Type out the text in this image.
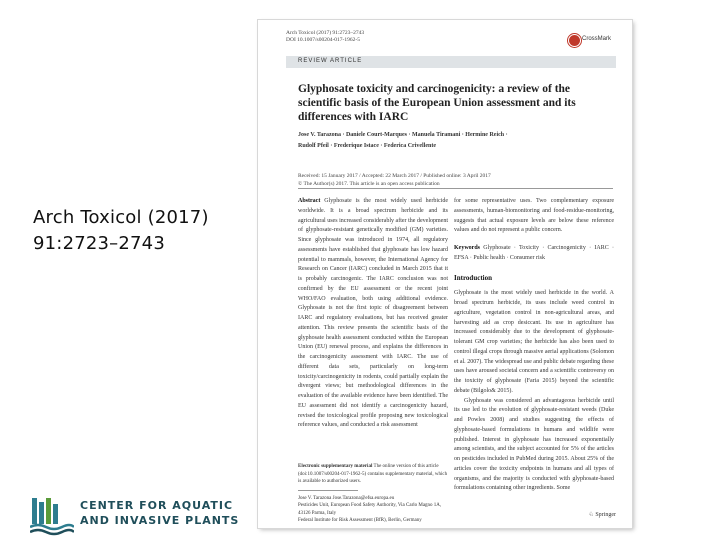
Arch Toxicol (2017)
91:2723–2743
CENTER FOR AQUATIC
AND INVASIVE PLANTS
Arch Toxicol (2017) 91:2723–2743
DOI 10.1007/s00204-017-1962-5	CrossMark
REVIEW ARTICLE
Glyphosate toxicity and carcinogenicity: a review of the scientific basis of the European Union assessment and its differences with IARC
Jose V. Tarazona · Daniele Court-Marques · Manuela Tiramani · Hermine Reich ·
Rudolf Pfeil · Frederique Istace · Federica Crivellente
Received: 15 January 2017 / Accepted: 22 March 2017 / Published online: 3 April 2017
© The Author(s) 2017. This article is an open access publication
Abstract Glyphosate is the most widely used herbicide worldwide. It is a broad spectrum herbicide and its agricultural uses increased considerably after the development of glyphosate-resistant genetically modified (GM) varieties. Since glyphosate was introduced in 1974, all regulatory assessments have established that glyphosate has low hazard potential to mammals, however, the International Agency for Research on Cancer (IARC) concluded in March 2015 that it is probably carcinogenic. The IARC conclusion was not confirmed by the EU assessment or the recent joint WHO/FAO evaluation, both using additional evidence. Glyphosate is not the first topic of disagreement between IARC and regulatory evaluations, but has received greater attention. This review presents the scientific basis of the glyphosate health assessment conducted within the European Union (EU) renewal process, and explains the differences in the carcinogenicity assessment with IARC. The use of different data sets, particularly on long-term toxicity/carcinogenicity in rodents, could partially explain the divergent views; but methodological differences in the evaluation of the available evidence have been identified. The EU assessment did not identify a carcinogenicity hazard, revised the toxicological profile proposing new toxicological reference values, and conducted a risk assessment
for some representative uses. Two complementary exposure assessments, human-biomonitoring and food-residue-monitoring, suggests that actual exposure levels are below these reference values and do not represent a public concern.
Keywords Glyphosate · Toxicity · Carcinogenicity · IARC · EFSA · Public health · Consumer risk
Introduction
Glyphosate is the most widely used herbicide in the world. A broad spectrum herbicide, its uses include weed control in agriculture, vegetation control in non-agricultural areas, and harvesting aid as crop desiccant. Its use in agriculture has increased considerably due to the development of glyphosate-tolerant GM crop varieties; the herbicide has also been used to control illegal crops through massive aerial applications (Solomon et al. 2007). The widespread use and public debate regarding these uses have aroused societal concern and a scientific controversy on the toxicity of glyphosate (Faria 2015) beyond the scientific debate (Bilgolo& 2015).
Glyphosate was considered an advantageous herbicide until its use led to the evolution of glyphosate-resistant weeds (Duke and Powles 2008) and studies suggesting the effects of glyphosate-based formulations in humans and wildlife were published. Interest in glyphosate has increased exponentially among scientists, and the subject accounted for 5% of the articles on pesticides included in PubMed during 2015. About 25% of the articles cover the toxicity endpoints in humans and all types of organisms, and the majority is conducted with glyphosate-based formulations containing other ingredients. Some
Electronic supplementary material The online version of this article (doi:10.1007/s00204-017-1962-5) contains supplementary material, which is available to authorized users.
Jose V. Tarazona Jose.Tarazona@efsa.europa.eu
Pesticides Unit, European Food Safety Authority, Via Carlo Magno 1A, 43126 Parma, Italy
Federal Institute for Risk Assessment (BfR), Berlin, Germany
♘ Springer
